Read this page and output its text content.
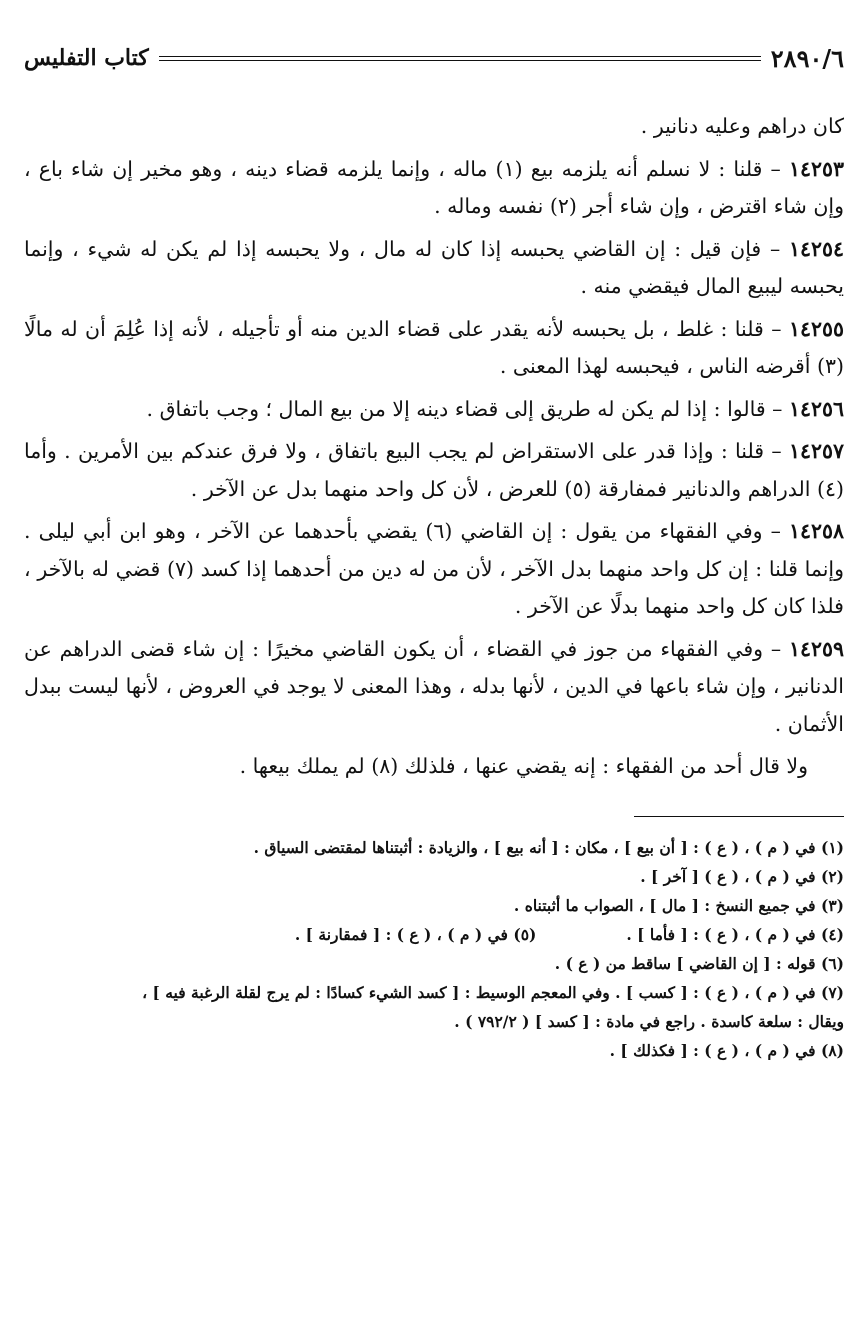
٢٨٩٠/٦
كتاب التفليس

كان دراهم وعليه دنانير .

١٤٢٥٣ – قلنا : لا نسلم أنه يلزمه بيع (١) ماله ، وإنما يلزمه قضاء دينه ، وهو مخير إن شاء باع ، وإن شاء اقترض ، وإن شاء أجر (٢) نفسه وماله .

١٤٢٥٤ – فإن قيل : إن القاضي يحبسه إذا كان له مال ، ولا يحبسه إذا لم يكن له شيء ، وإنما يحبسه ليبيع المال فيقضي منه .

١٤٢٥٥ – قلنا : غلط ، بل يحبسه لأنه يقدر على قضاء الدين منه أو تأجيله ، لأنه إذا عُلِمَ أن له مالًا (٣) أقرضه الناس ، فيحبسه لهذا المعنى .

١٤٢٥٦ – قالوا : إذا لم يكن له طريق إلى قضاء دينه إلا من بيع المال ؛ وجب باتفاق .

١٤٢٥٧ – قلنا : وإذا قدر على الاستقراض لم يجب البيع باتفاق ، ولا فرق عندكم بين الأمرين . وأما (٤) الدراهم والدنانير فمفارقة (٥) للعرض ، لأن كل واحد منهما بدل عن الآخر .

١٤٢٥٨ – وفي الفقهاء من يقول : إن القاضي (٦) يقضي بأحدهما عن الآخر ، وهو ابن أبي ليلى . وإنما قلنا : إن كل واحد منهما بدل الآخر ، لأن من له دين من أحدهما إذا كسد (٧) قضي له بالآخر ، فلذا كان كل واحد منهما بدلًا عن الآخر .

١٤٢٥٩ – وفي الفقهاء من جوز في القضاء ، أن يكون القاضي مخيرًا : إن شاء قضى الدراهم عن الدنانير ، وإن شاء باعها في الدين ، لأنها بدله ، وهذا المعنى لا يوجد في العروض ، لأنها ليست ببدل الأثمان .

ولا قال أحد من الفقهاء : إنه يقضي عنها ، فلذلك (٨) لم يملك بيعها .

(١) في ( م ) ، ( ع ) : [ أن بيع ] ، مكان : [ أنه بيع ] ، والزيادة : أثبتناها لمقتضى السياق .

(٢) في ( م ) ، ( ع ) [ آخر ] .

(٣) في جميع النسخ : [ مال ] ، الصواب ما أثبتناه .

(٤) في ( م ) ، ( ع ) : [ فأما ] .
(٥) في ( م ) ، ( ع ) : [ فمقارنة ] .

(٦) قوله : [ إن القاضي ] ساقط من ( ع ) .

(٧) في ( م ) ، ( ع ) : [ كسب ] . وفي المعجم الوسيط : [ كسد الشيء كسادًا : لم يرج لقلة الرغبة فيه ] ،

ويقال : سلعة كاسدة . راجع في مادة : [ كسد ] ( ٧٩٢/٢ ) .

(٨) في ( م ) ، ( ع ) : [ فكذلك ] .
